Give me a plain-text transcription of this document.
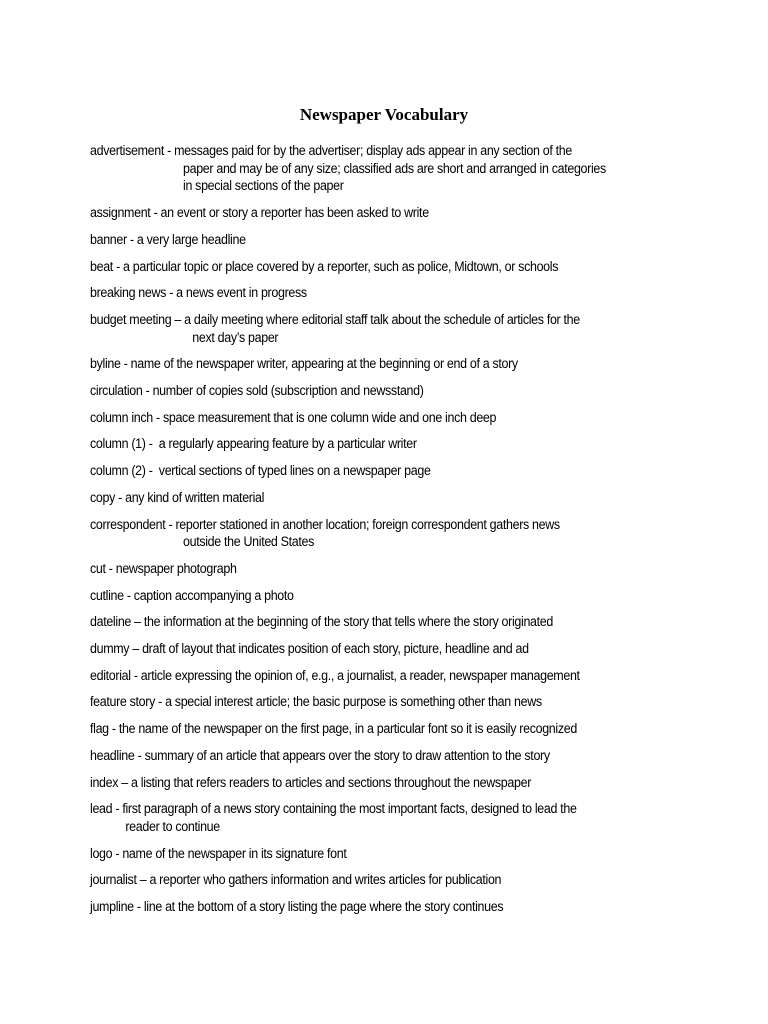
Newspaper Vocabulary
advertisement - messages paid for by the advertiser; display ads appear in any section of the
paper and may be of any size; classified ads are short and arranged in categories
in special sections of the paper
assignment - an event or story a reporter has been asked to write
banner - a very large headline
beat - a particular topic or place covered by a reporter, such as police, Midtown, or schools
breaking news - a news event in progress
budget meeting – a daily meeting where editorial staff talk about the schedule of articles for the
next day’s paper
byline - name of the newspaper writer, appearing at the beginning or end of a story
circulation - number of copies sold (subscription and newsstand)
column inch - space measurement that is one column wide and one inch deep
column (1) -  a regularly appearing feature by a particular writer
column (2) -  vertical sections of typed lines on a newspaper page
copy - any kind of written material
correspondent - reporter stationed in another location; foreign correspondent gathers news
outside the United States
cut - newspaper photograph
cutline - caption accompanying a photo
dateline – the information at the beginning of the story that tells where the story originated
dummy – draft of layout that indicates position of each story, picture, headline and ad
editorial - article expressing the opinion of, e.g., a journalist, a reader, newspaper management
feature story - a special interest article; the basic purpose is something other than news
flag - the name of the newspaper on the first page, in a particular font so it is easily recognized
headline - summary of an article that appears over the story to draw attention to the story
index – a listing that refers readers to articles and sections throughout the newspaper
lead - first paragraph of a news story containing the most important facts, designed to lead the
reader to continue
logo - name of the newspaper in its signature font
journalist – a reporter who gathers information and writes articles for publication
jumpline - line at the bottom of a story listing the page where the story continues
